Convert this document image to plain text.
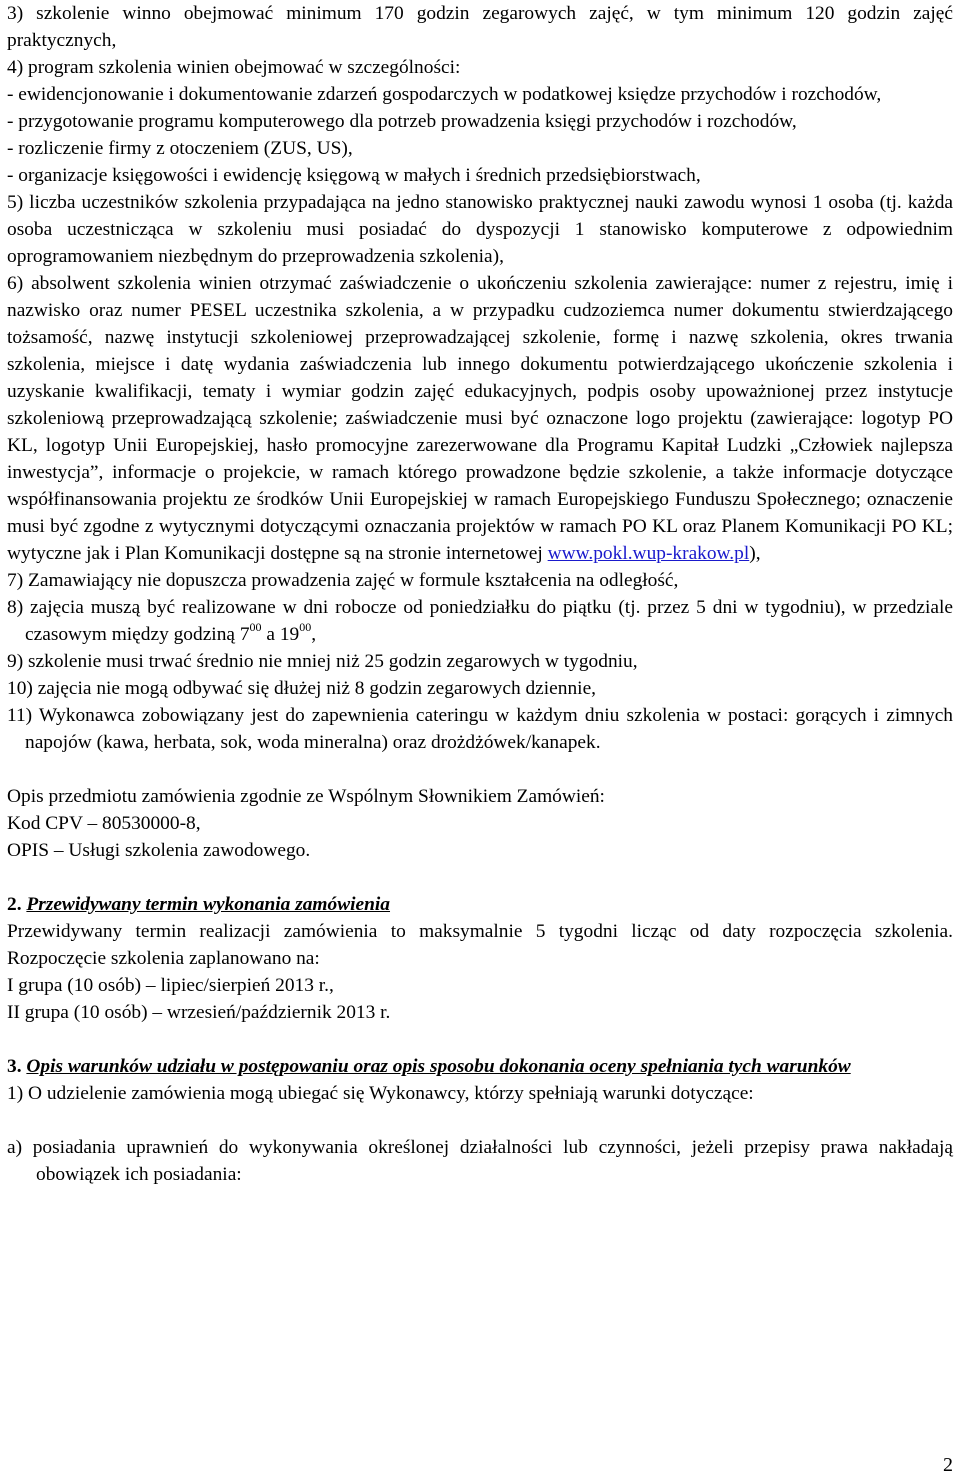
3) szkolenie winno obejmować minimum 170 godzin zegarowych zajęć, w tym minimum 120 godzin zajęć praktycznych,

4) program szkolenia winien obejmować w szczególności:

- ewidencjonowanie i dokumentowanie zdarzeń gospodarczych w podatkowej księdze przychodów i rozchodów,

- przygotowanie programu komputerowego dla potrzeb prowadzenia księgi przychodów i rozchodów,

- rozliczenie firmy z otoczeniem (ZUS, US),

- organizacje księgowości i ewidencję księgową w małych i średnich przedsiębiorstwach,

5) liczba uczestników szkolenia przypadająca na jedno stanowisko praktycznej nauki zawodu wynosi 1 osoba (tj. każda osoba uczestnicząca w szkoleniu musi posiadać do dyspozycji 1 stanowisko komputerowe z odpowiednim oprogramowaniem niezbędnym do przeprowadzenia szkolenia),

6) absolwent szkolenia winien otrzymać zaświadczenie o ukończeniu szkolenia zawierające: numer z rejestru, imię i nazwisko oraz numer PESEL uczestnika szkolenia, a w przypadku cudzoziemca numer dokumentu stwierdzającego tożsamość, nazwę instytucji szkoleniowej przeprowadzającej szkolenie, formę i nazwę szkolenia, okres trwania szkolenia, miejsce i datę wydania zaświadczenia lub innego dokumentu potwierdzającego ukończenie szkolenia i uzyskanie kwalifikacji, tematy i wymiar godzin zajęć edukacyjnych, podpis osoby upoważnionej przez instytucje szkoleniową przeprowadzającą szkolenie; zaświadczenie musi być oznaczone logo projektu (zawierające: logotyp PO KL, logotyp Unii Europejskiej, hasło promocyjne zarezerwowane dla Programu Kapitał Ludzki „Człowiek najlepsza inwestycja”, informacje o projekcie, w ramach którego prowadzone będzie szkolenie, a także informacje dotyczące współfinansowania projektu ze środków Unii Europejskiej w ramach Europejskiego Funduszu Społecznego; oznaczenie musi być zgodne z wytycznymi dotyczącymi oznaczania projektów w ramach PO KL oraz Planem Komunikacji PO KL; wytyczne jak i Plan Komunikacji dostępne są na stronie internetowej www.pokl.wup-krakow.pl),

7) Zamawiający nie dopuszcza prowadzenia zajęć w formule kształcenia na odległość,

8) zajęcia muszą być realizowane w dni robocze od poniedziałku do piątku (tj. przez 5 dni w tygodniu), w przedziale czasowym między godziną $7^{00}$ a $19^{00}$,

9) szkolenie musi trwać średnio nie mniej niż 25 godzin zegarowych w tygodniu,

10) zajęcia nie mogą odbywać się dłużej niż 8 godzin zegarowych dziennie,

11) Wykonawca zobowiązany jest do zapewnienia cateringu w każdym dniu szkolenia w postaci: gorących i zimnych napojów (kawa, herbata, sok, woda mineralna) oraz drożdżówek/kanapek.

Opis przedmiotu zamówienia zgodnie ze Wspólnym Słownikiem Zamówień:

Kod CPV – 80530000-8,

OPIS – Usługi szkolenia zawodowego.

2. Przewidywany termin wykonania zamówienia

Przewidywany termin realizacji zamówienia to maksymalnie 5 tygodni licząc od daty rozpoczęcia szkolenia. Rozpoczęcie szkolenia zaplanowano na:

I grupa (10 osób) – lipiec/sierpień 2013 r.,

II grupa (10 osób) – wrzesień/październik 2013 r.

3. Opis warunków udziału w postępowaniu oraz opis sposobu dokonania oceny spełniania tych warunków

1) O udzielenie zamówienia mogą ubiegać się Wykonawcy, którzy spełniają warunki dotyczące:

a) posiadania uprawnień do wykonywania określonej działalności lub czynności, jeżeli przepisy prawa nakładają obowiązek ich posiadania:

2
